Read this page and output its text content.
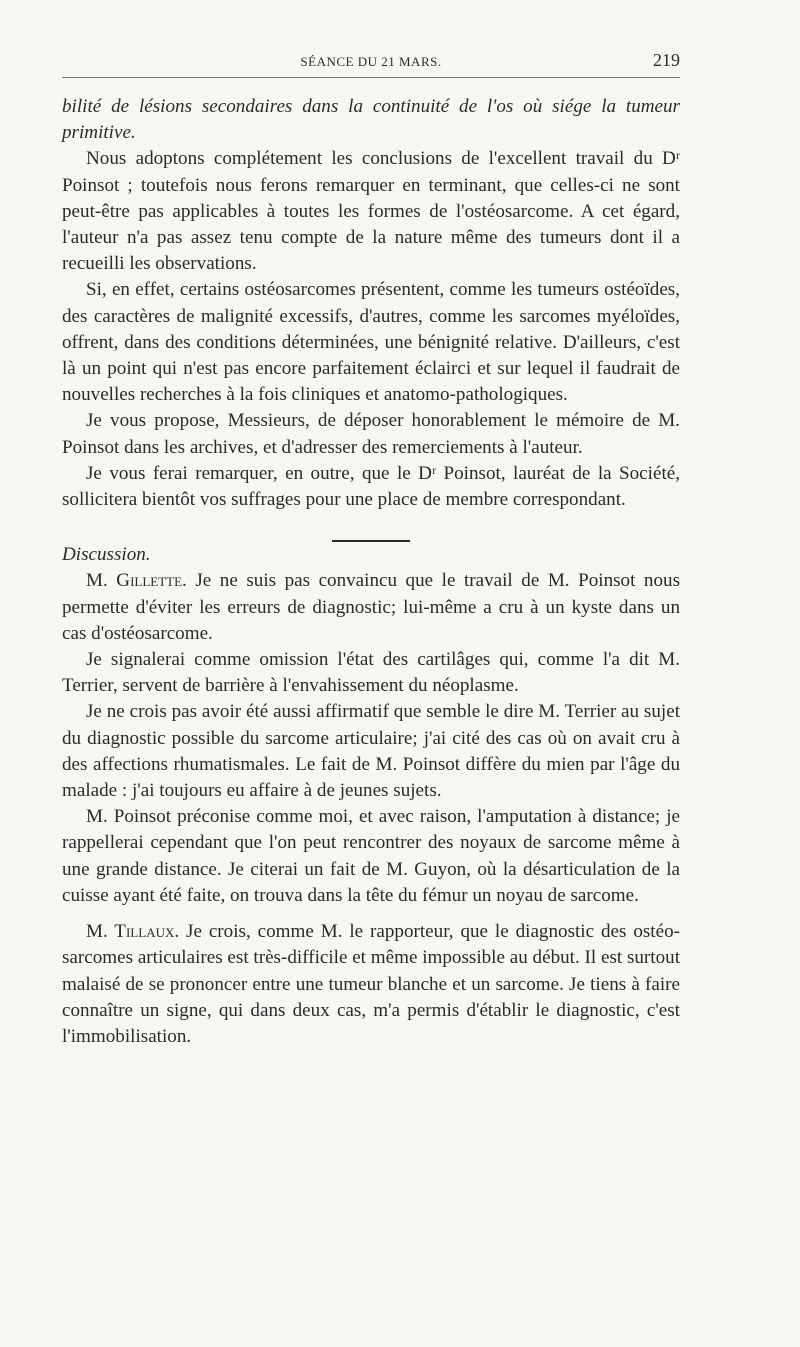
SÉANCE DU 21 MARS.	219

bilité de lésions secondaires dans la continuité de l'os où siége la tumeur primitive.

Nous adoptons complétement les conclusions de l'excellent travail du Dʳ Poinsot ; toutefois nous ferons remarquer en terminant, que celles-ci ne sont peut-être pas applicables à toutes les formes de l'ostéosarcome. A cet égard, l'auteur n'a pas assez tenu compte de la nature même des tumeurs dont il a recueilli les observations.

Si, en effet, certains ostéosarcomes présentent, comme les tumeurs ostéoïdes, des caractères de malignité excessifs, d'autres, comme les sarcomes myéloïdes, offrent, dans des conditions déterminées, une bénignité relative. D'ailleurs, c'est là un point qui n'est pas encore parfaitement éclairci et sur lequel il faudrait de nouvelles recherches à la fois cliniques et anatomo-pathologiques.

Je vous propose, Messieurs, de déposer honorablement le mémoire de M. Poinsot dans les archives, et d'adresser des remerciements à l'auteur.

Je vous ferai remarquer, en outre, que le Dʳ Poinsot, lauréat de la Société, sollicitera bientôt vos suffrages pour une place de membre correspondant.

Discussion.

M. Gillette. Je ne suis pas convaincu que le travail de M. Poinsot nous permette d'éviter les erreurs de diagnostic; lui-même a cru à un kyste dans un cas d'ostéosarcome.

Je signalerai comme omission l'état des cartilâges qui, comme l'a dit M. Terrier, servent de barrière à l'envahissement du néoplasme.

Je ne crois pas avoir été aussi affirmatif que semble le dire M. Terrier au sujet du diagnostic possible du sarcome articulaire; j'ai cité des cas où on avait cru à des affections rhumatismales. Le fait de M. Poinsot diffère du mien par l'âge du malade : j'ai toujours eu affaire à de jeunes sujets.

M. Poinsot préconise comme moi, et avec raison, l'amputation à distance; je rappellerai cependant que l'on peut rencontrer des noyaux de sarcome même à une grande distance. Je citerai un fait de M. Guyon, où la désarticulation de la cuisse ayant été faite, on trouva dans la tête du fémur un noyau de sarcome.

M. Tillaux. Je crois, comme M. le rapporteur, que le diagnostic des ostéo-sarcomes articulaires est très-difficile et même impossible au début. Il est surtout malaisé de se prononcer entre une tumeur blanche et un sarcome. Je tiens à faire connaître un signe, qui dans deux cas, m'a permis d'établir le diagnostic, c'est l'immobilisation.
